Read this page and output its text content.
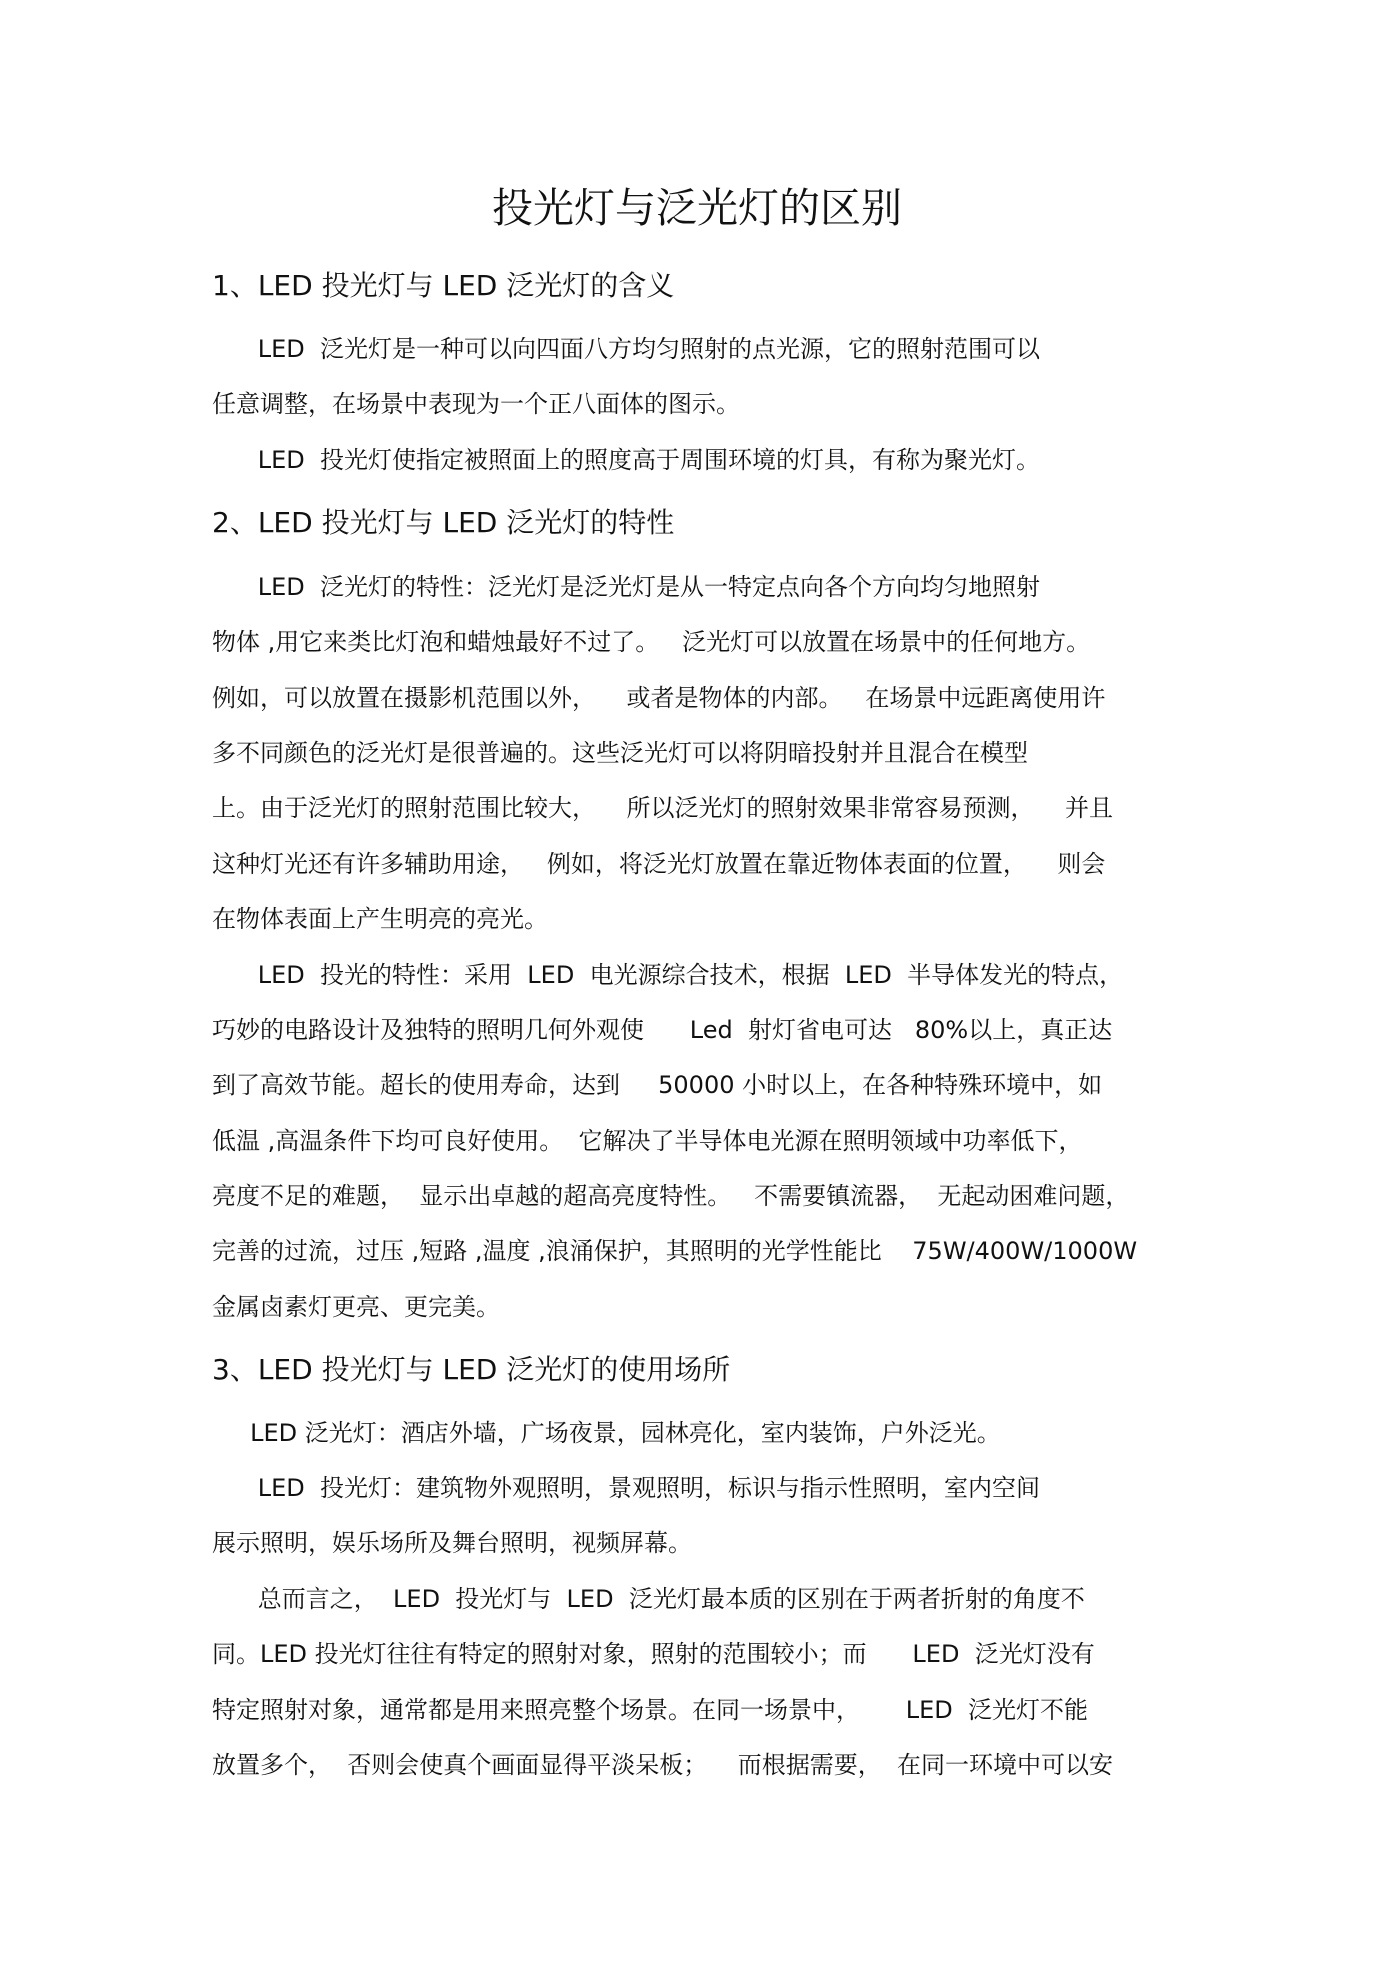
投光灯与泛光灯的区别
1、LED 投光灯与 LED 泛光灯的含义
LED  泛光灯是一种可以向四面八方均匀照射的点光源，它的照射范围可以
任意调整，在场景中表现为一个正八面体的图示。
LED  投光灯使指定被照面上的照度高于周围环境的灯具，有称为聚光灯。
2、LED 投光灯与 LED 泛光灯的特性
LED  泛光灯的特性：泛光灯是泛光灯是从一特定点向各个方向均匀地照射
物体 ,用它来类比灯泡和蜡烛最好不过了。   泛光灯可以放置在场景中的任何地方。
例如，可以放置在摄影机范围以外，    或者是物体的内部。   在场景中远距离使用许
多不同颜色的泛光灯是很普遍的。这些泛光灯可以将阴暗投射并且混合在模型
上。由于泛光灯的照射范围比较大，    所以泛光灯的照射效果非常容易预测，    并且
这种灯光还有许多辅助用途，   例如，将泛光灯放置在靠近物体表面的位置，    则会
在物体表面上产生明亮的亮光。
LED  投光的特性：采用  LED  电光源综合技术，根据  LED  半导体发光的特点，
巧妙的电路设计及独特的照明几何外观使      Led  射灯省电可达   80%以上，真正达
到了高效节能。超长的使用寿命，达到     50000 小时以上，在各种特殊环境中，如
低温 ,高温条件下均可良好使用。  它解决了半导体电光源在照明领域中功率低下，
亮度不足的难题，  显示出卓越的超高亮度特性。   不需要镇流器，  无起动困难问题，
完善的过流，过压 ,短路 ,温度 ,浪涌保护，其照明的光学性能比    75W/400W/1000W
金属卤素灯更亮、更完美。
3、LED 投光灯与 LED 泛光灯的使用场所
LED 泛光灯：酒店外墙，广场夜景，园林亮化，室内装饰，户外泛光。
LED  投光灯：建筑物外观照明，景观照明，标识与指示性照明，室内空间
展示照明，娱乐场所及舞台照明，视频屏幕。
总而言之，  LED  投光灯与  LED  泛光灯最本质的区别在于两者折射的角度不
同。LED 投光灯往往有特定的照射对象，照射的范围较小；而      LED  泛光灯没有
特定照射对象，通常都是用来照亮整个场景。在同一场景中，      LED  泛光灯不能
放置多个，  否则会使真个画面显得平淡呆板；    而根据需要，  在同一环境中可以安
